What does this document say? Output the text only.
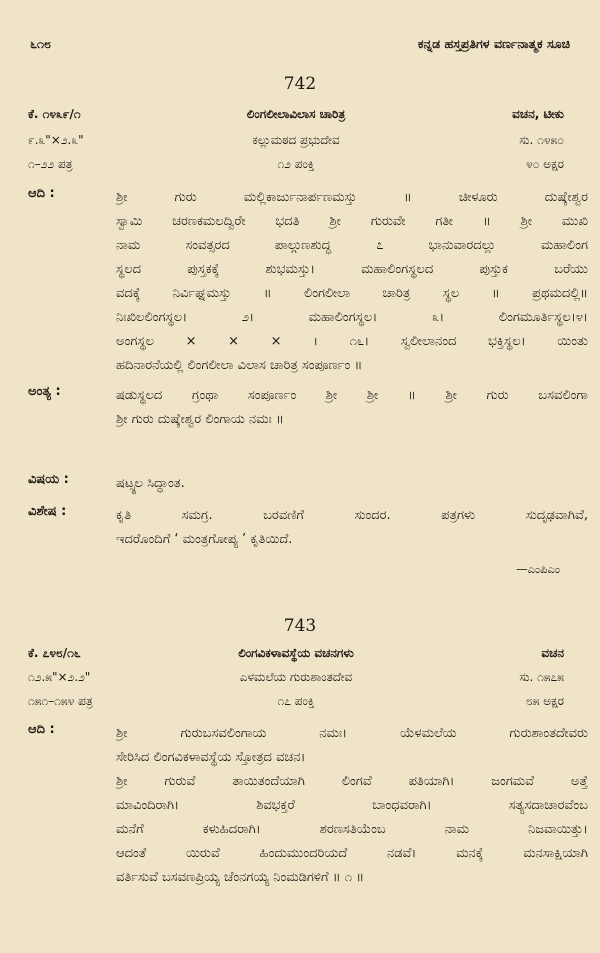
೬೧೮	ಕನ್ನಡ ಹಸ್ತಪ್ರತಿಗಳ ವರ್ಣನಾತ್ಮಕ ಸೂಚಿ
742
ಕೆ. ೧೪೩೯/೧	ಲಿಂಗಲೀಲಾವಿಲಾಸ ಚಾರಿತ್ರ	ವಚನ, ಟೀಕು
೯.೩"×೨.೩"	ಕಲ್ಲುಮಠದ ಪ್ರಭುದೇವ	ಸು. ೧೪೫೦
೧–೨೨ ಪತ್ರ	೧೨ ಪಂಕ್ತಿ	೪೦ ಅಕ್ಷರ
ಆದಿ :	ಶ್ರೀ ಗುರು ಮಲ್ಲಿಕಾರ್ಜುನಾರ್ಪಣಮಸ್ತು ॥ ಚೀಳೂರು ದುಷ್ಕೇಶ್ವರ
ಸ್ವಾಮಿ ಚರಣಕಮಲದ್ವಿರೇ ಭದತಿ ಶ್ರೀ ಗುರುವೇ ಗತೀ ॥ ಶ್ರೀ ಮುಖಿ
ನಾಮ ಸಂವತ್ಸರದ ಪಾಲ್ಗುಣಶುದ್ಧ ೭ ಭಾನುವಾರದಲ್ಲು ಮಹಾಲಿಂಗ
ಸ್ಥಲದ ಪುಸ್ತಕಕ್ಕೆ ಶುಭಮಸ್ತು। ಮಹಾಲಿಂಗಸ್ಥಲದ ಪುಸ್ತುಕ ಬರೆಯು
ವದಕ್ಕೆ ನಿರ್ವಿಘ್ನಮಸ್ತು ॥ ಲಿಂಗಲೀಲಾ ಚಾರಿತ್ರ ಸ್ಥಲ ॥ ಪ್ರಥಮದಲ್ಲಿ॥
ನಿಃಖಿಲಲಿಂಗಸ್ಥಲ। ೨। ಮಹಾಲಿಂಗಸ್ಥಲ। ೩। ಲಿಂಗಮೂರ್ತಿಸ್ಥಲ।೪।
ಅಂಗಸ್ಥಲ × × × । ೧೬। ಸ್ವಲೀಲಾನಂದ ಭಕ್ತಿಸ್ಥಲ। ಯಿಂತು
ಹದಿನಾರನೆಯಲ್ಲಿ ಲಿಂಗಲೀಲಾ ವಿಲಾಸ ಚಾರಿತ್ರ ಸಂಪೂರ್ಣಂ ॥
ಅಂತ್ಯ :	ಷಡುಸ್ಥಲದ ಗ್ರಂಥಾ ಸಂಪೂರ್ಣಂ ಶ್ರೀ ಶ್ರೀ ॥ ಶ್ರೀ ಗುರು ಬಸವಲಿಂಗಾ
ಶ್ರೀ ಗುರು ದುಷ್ಕೇಶ್ವರ ಲಿಂಗಾಯ ನಮಃ ॥
ವಿಷಯ :	ಷಟ್ಸ್ಥಲ ಸಿದ್ಧಾಂತ.
ವಿಶೇಷ :	ಕೃತಿ ಸಮಗ್ರ. ಬರವಣಿಗೆ ಸುಂದರ. ಪತ್ರಗಳು ಸುದೃಢವಾಗಿವೆ,
ಇದರೊಂದಿಗೆ ‘ ಮಂತ್ರಗೋಪ್ಯ ’ ಕೃತಿಯಿದೆ.
—ಎಂಪಿಎಂ
743
ಕೆ. ೭೪೮/೧೬	ಲಿಂಗವಿಕಳಾವಸ್ಥೆಯ ವಚನಗಳು	ವಚನ
೧೨.೫"×೨.೨"	ಎಳಮಲೆಯ ಗುರುಶಾಂತದೇವ	ಸು. ೧೫೭೫
೧೫೧–೧೫೪ ಪತ್ರ	೧೭ ಪಂಕ್ತಿ	೮೫ ಅಕ್ಷರ
ಆದಿ :	ಶ್ರೀ ಗುರುಬಸವಲಿಂಗಾಯ ನಮಃ। ಯೆಳಮಲೆಯ ಗುರುಶಾಂತದೇವರು
ಸೇರಿಸಿದ ಲಿಂಗವಿಕಳಾವಸ್ಥೆಯ ಸ್ತೋತ್ರದ ವಚನ।
ಶ್ರೀ ಗುರುವೆ ತಾಯಿತಂದೆಯಾಗಿ ಲಿಂಗವೆ ಪತಿಯಾಗಿ। ಜಂಗಮವೆ ಅತ್ತೆ
ಮಾವಿಂದಿರಾಗಿ। ಶಿವಭಕ್ತರೆ ಬಾಂಧವರಾಗಿ। ಸತ್ಯಸದಾಚಾರವೆಂಬ
ಮನೆಗೆ ಕಳುಹಿದರಾಗಿ। ಶರಣಸತಿಯೆಂಬ ನಾಮ ನಿಜವಾಯಿತ್ತು।
ಆದಂತೆ ಯಿರುವೆ ಹಿಂದುಮುಂದರಿಯದೆ ನಡವೆ। ಮನಕ್ಕೆ ಮನಸಾಕ್ಷಿಯಾಗಿ
ವರ್ತಿಸುವೆ ಬಸವಣಪ್ರಿಯ್ಯ ಚೆಂನಗಯ್ಯ ನಿಂಮಡಿಗಳಿಗೆ ॥ ೧ ॥
